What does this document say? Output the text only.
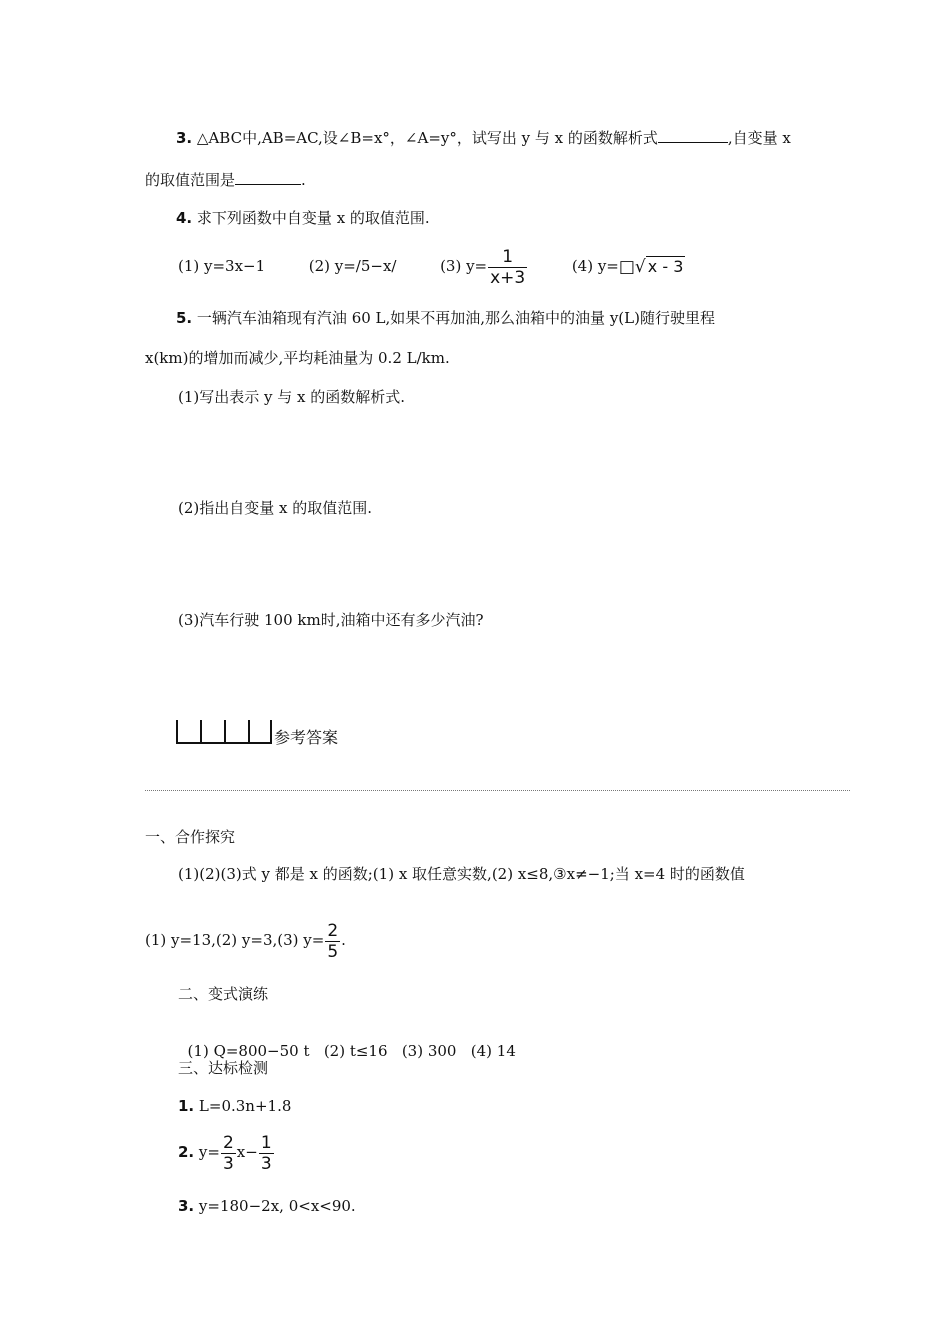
3. △ABC中,AB=AC,设∠B=x°，∠A=y°，试写出 y 与 x 的函数解析式	,自变量 x
的取值范围是	.
4. 求下列函数中自变量 x 的取值范围.
(1) y=3x−1	(2) y=/5−x/	(3) $y= \frac{1}{x+3}$	(4) y=□√ x - 3
5. 一辆汽车油箱现有汽油 60 L,如果不再加油,那么油箱中的油量 y(L)随行驶里程
x(km)的增加而减少,平均耗油量为 0.2 L/km.
(1)写出表示 y 与 x 的函数解析式.
(2)指出自变量 x 的取值范围.
(3)汽车行驶 100 km时,油箱中还有多少汽油?
参考答案
一、合作探究
(1)(2)(3)式 y 都是 x 的函数;(1) x 取任意实数,(2) x≤8,③x≠−1;当 x=4 时的函数值
(1) y=13,(2) y=3,(3) $y= \frac{2}{5}$ .
二、变式演练

(1) Q=800−50 t   (2) t≤16   (3) 300   (4) 14

三、达标检测
1. L=0.3n+1.8
2. $y= \frac{2}{3} x- \frac{1}{3}$
3. y=180−2x, 0<x<90.
